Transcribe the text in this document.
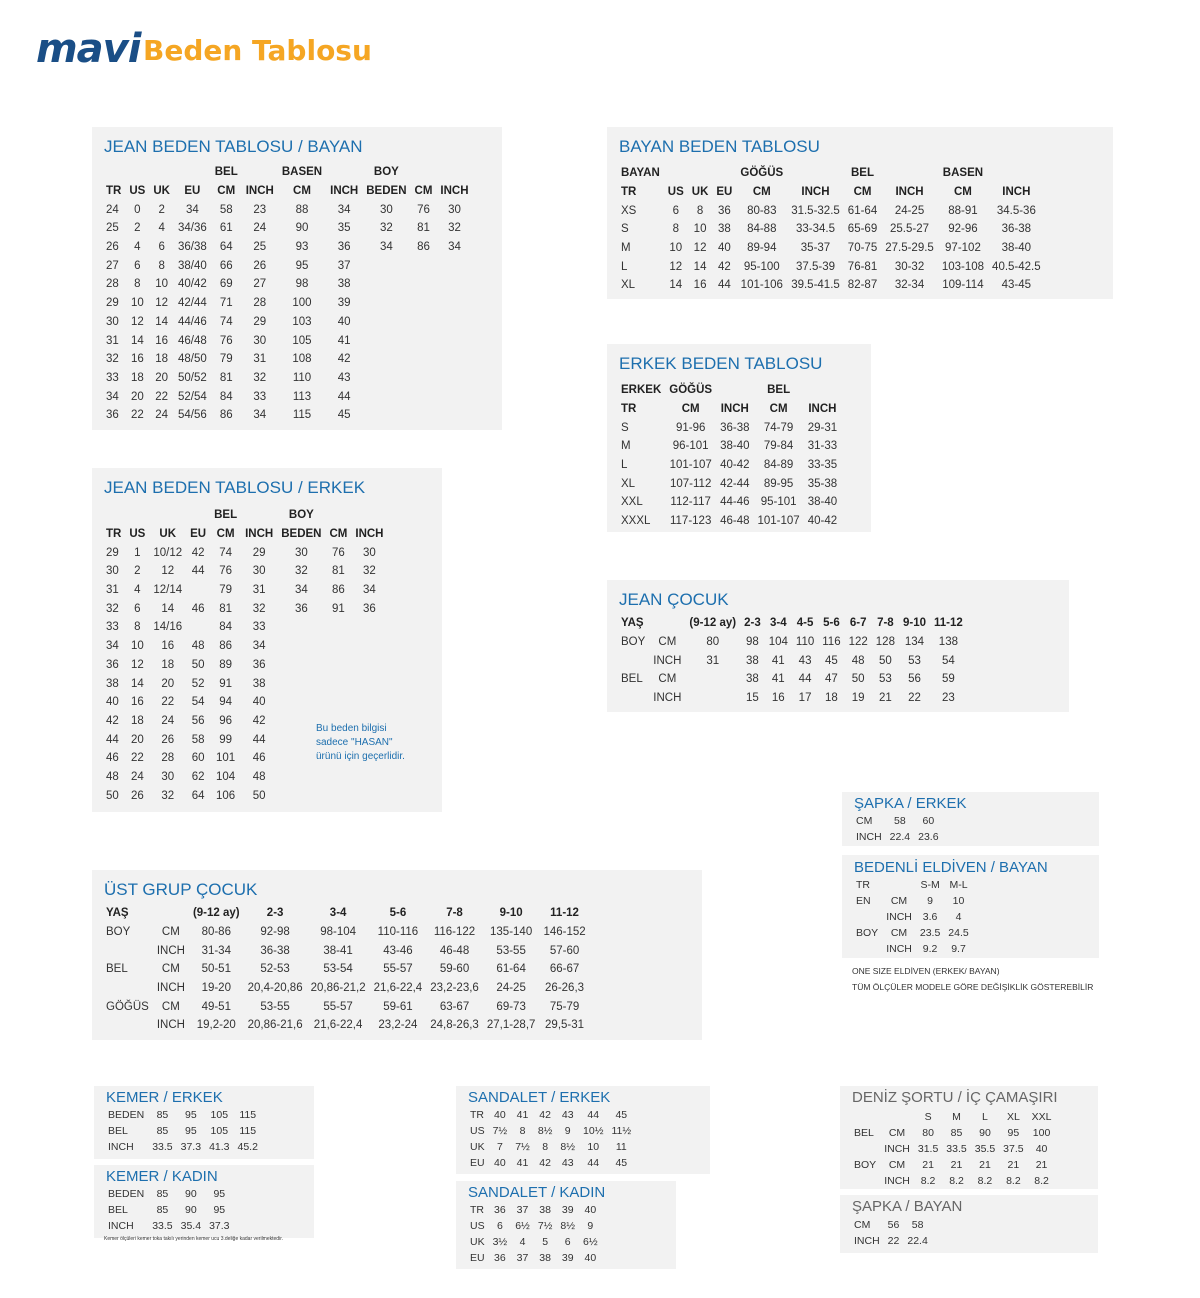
mavi Beden Tablosu
JEAN BEDEN TABLOSU / BAYAN
				BEL		BASEN		BOY		
TR	US	UK	EU	CM	INCH	CM	INCH	BEDEN	CM	INCH
24	0	2	34	58	23	88	34	30	76	30
25	2	4	34/36	61	24	90	35	32	81	32
26	4	6	36/38	64	25	93	36	34	86	34
27	6	8	38/40	66	26	95	37			
28	8	10	40/42	69	27	98	38			
29	10	12	42/44	71	28	100	39			
30	12	14	44/46	74	29	103	40			
31	14	16	46/48	76	30	105	41			
32	16	18	48/50	79	31	108	42			
33	18	20	50/52	81	32	110	43			
34	20	22	52/54	84	33	113	44			
36	22	24	54/56	86	34	115	45			
JEAN BEDEN TABLOSU / ERKEK
				BEL		BOY		
TR	US	UK	EU	CM	INCH	BEDEN	CM	INCH
29	1	10/12	42	74	29	30	76	30
30	2	12	44	76	30	32	81	32
31	4	12/14		79	31	34	86	34
32	6	14	46	81	32	36	91	36
33	8	14/16		84	33			
34	10	16	48	86	34			
36	12	18	50	89	36			
38	14	20	52	91	38			
40	16	22	54	94	40			
42	18	24	56	96	42			
44	20	26	58	99	44			
46	22	28	60	101	46			
48	24	30	62	104	48			
50	26	32	64	106	50			
Bu beden bilgisi sadece "HASAN" ürünü için geçerlidir.
BAYAN BEDEN TABLOSU
BAYAN				GÖĞÜS		BEL		BASEN	
TR	US	UK	EU	CM	INCH	CM	INCH	CM	INCH
XS	6	8	36	80-83	31.5-32.5	61-64	24-25	88-91	34.5-36
S	8	10	38	84-88	33-34.5	65-69	25.5-27	92-96	36-38
M	10	12	40	89-94	35-37	70-75	27.5-29.5	97-102	38-40
L	12	14	42	95-100	37.5-39	76-81	30-32	103-108	40.5-42.5
XL	14	16	44	101-106	39.5-41.5	82-87	32-34	109-114	43-45
ERKEK BEDEN TABLOSU
ERKEK	GÖĞÜS		BEL	
TR	CM	INCH	CM	INCH
S	91-96	36-38	74-79	29-31
M	96-101	38-40	79-84	31-33
L	101-107	40-42	84-89	33-35
XL	107-112	42-44	89-95	35-38
XXL	112-117	44-46	95-101	38-40
XXXL	117-123	46-48	101-107	40-42
JEAN ÇOCUK
YAŞ		(9-12 ay)	2-3	3-4	4-5	5-6	6-7	7-8	9-10	11-12
BOY	CM	80	98	104	110	116	122	128	134	138
	INCH	31	38	41	43	45	48	50	53	54
BEL	CM		38	41	44	47	50	53	56	59
	INCH		15	16	17	18	19	21	22	23
ÜST GRUP ÇOCUK
YAŞ		(9-12 ay)	2-3	3-4	5-6	7-8	9-10	11-12
BOY	CM	80-86	92-98	98-104	110-116	116-122	135-140	146-152
	INCH	31-34	36-38	38-41	43-46	46-48	53-55	57-60
BEL	CM	50-51	52-53	53-54	55-57	59-60	61-64	66-67
	INCH	19-20	20,4-20,86	20,86-21,2	21,6-22,4	23,2-23,6	24-25	26-26,3
GÖĞÜS	CM	49-51	53-55	55-57	59-61	63-67	69-73	75-79
	INCH	19,2-20	20,86-21,6	21,6-22,4	23,2-24	24,8-26,3	27,1-28,7	29,5-31
ŞAPKA / ERKEK
CM	58	60
INCH	22.4	23.6
BEDENLİ ELDİVEN / BAYAN
TR		S-M	M-L
EN	CM	9	10
	INCH	3.6	4
BOY	CM	23.5	24.5
	INCH	9.2	9.7
ONE SIZE ELDİVEN (ERKEK/ BAYAN)
TÜM ÖLÇÜLER MODELE GÖRE DEĞİŞİKLİK GÖSTEREBİLİR
KEMER / ERKEK
BEDEN	85	95	105	115
BEL	85	95	105	115
INCH	33.5	37.3	41.3	45.2
KEMER / KADIN
BEDEN	85	90	95
BEL	85	90	95
INCH	33.5	35.4	37.3
Kemer ölçüleri kemer toka takılı yerinden kemer ucu 3.deliğe kadar verilmektedir.
SANDALET / ERKEK
TR	40	41	42	43	44	45
US	7½	8	8½	9	10½	11½
UK	7	7½	8	8½	10	11
EU	40	41	42	43	44	45
SANDALET / KADIN
TR	36	37	38	39	40
US	6	6½	7½	8½	9
UK	3½	4	5	6	6½
EU	36	37	38	39	40
DENİZ ŞORTU / İÇ ÇAMAŞIRI
		S	M	L	XL	XXL
BEL	CM	80	85	90	95	100
	INCH	31.5	33.5	35.5	37.5	40
BOY	CM	21	21	21	21	21
	INCH	8.2	8.2	8.2	8.2	8.2
ŞAPKA / BAYAN
CM	56	58
INCH	22	22.4
